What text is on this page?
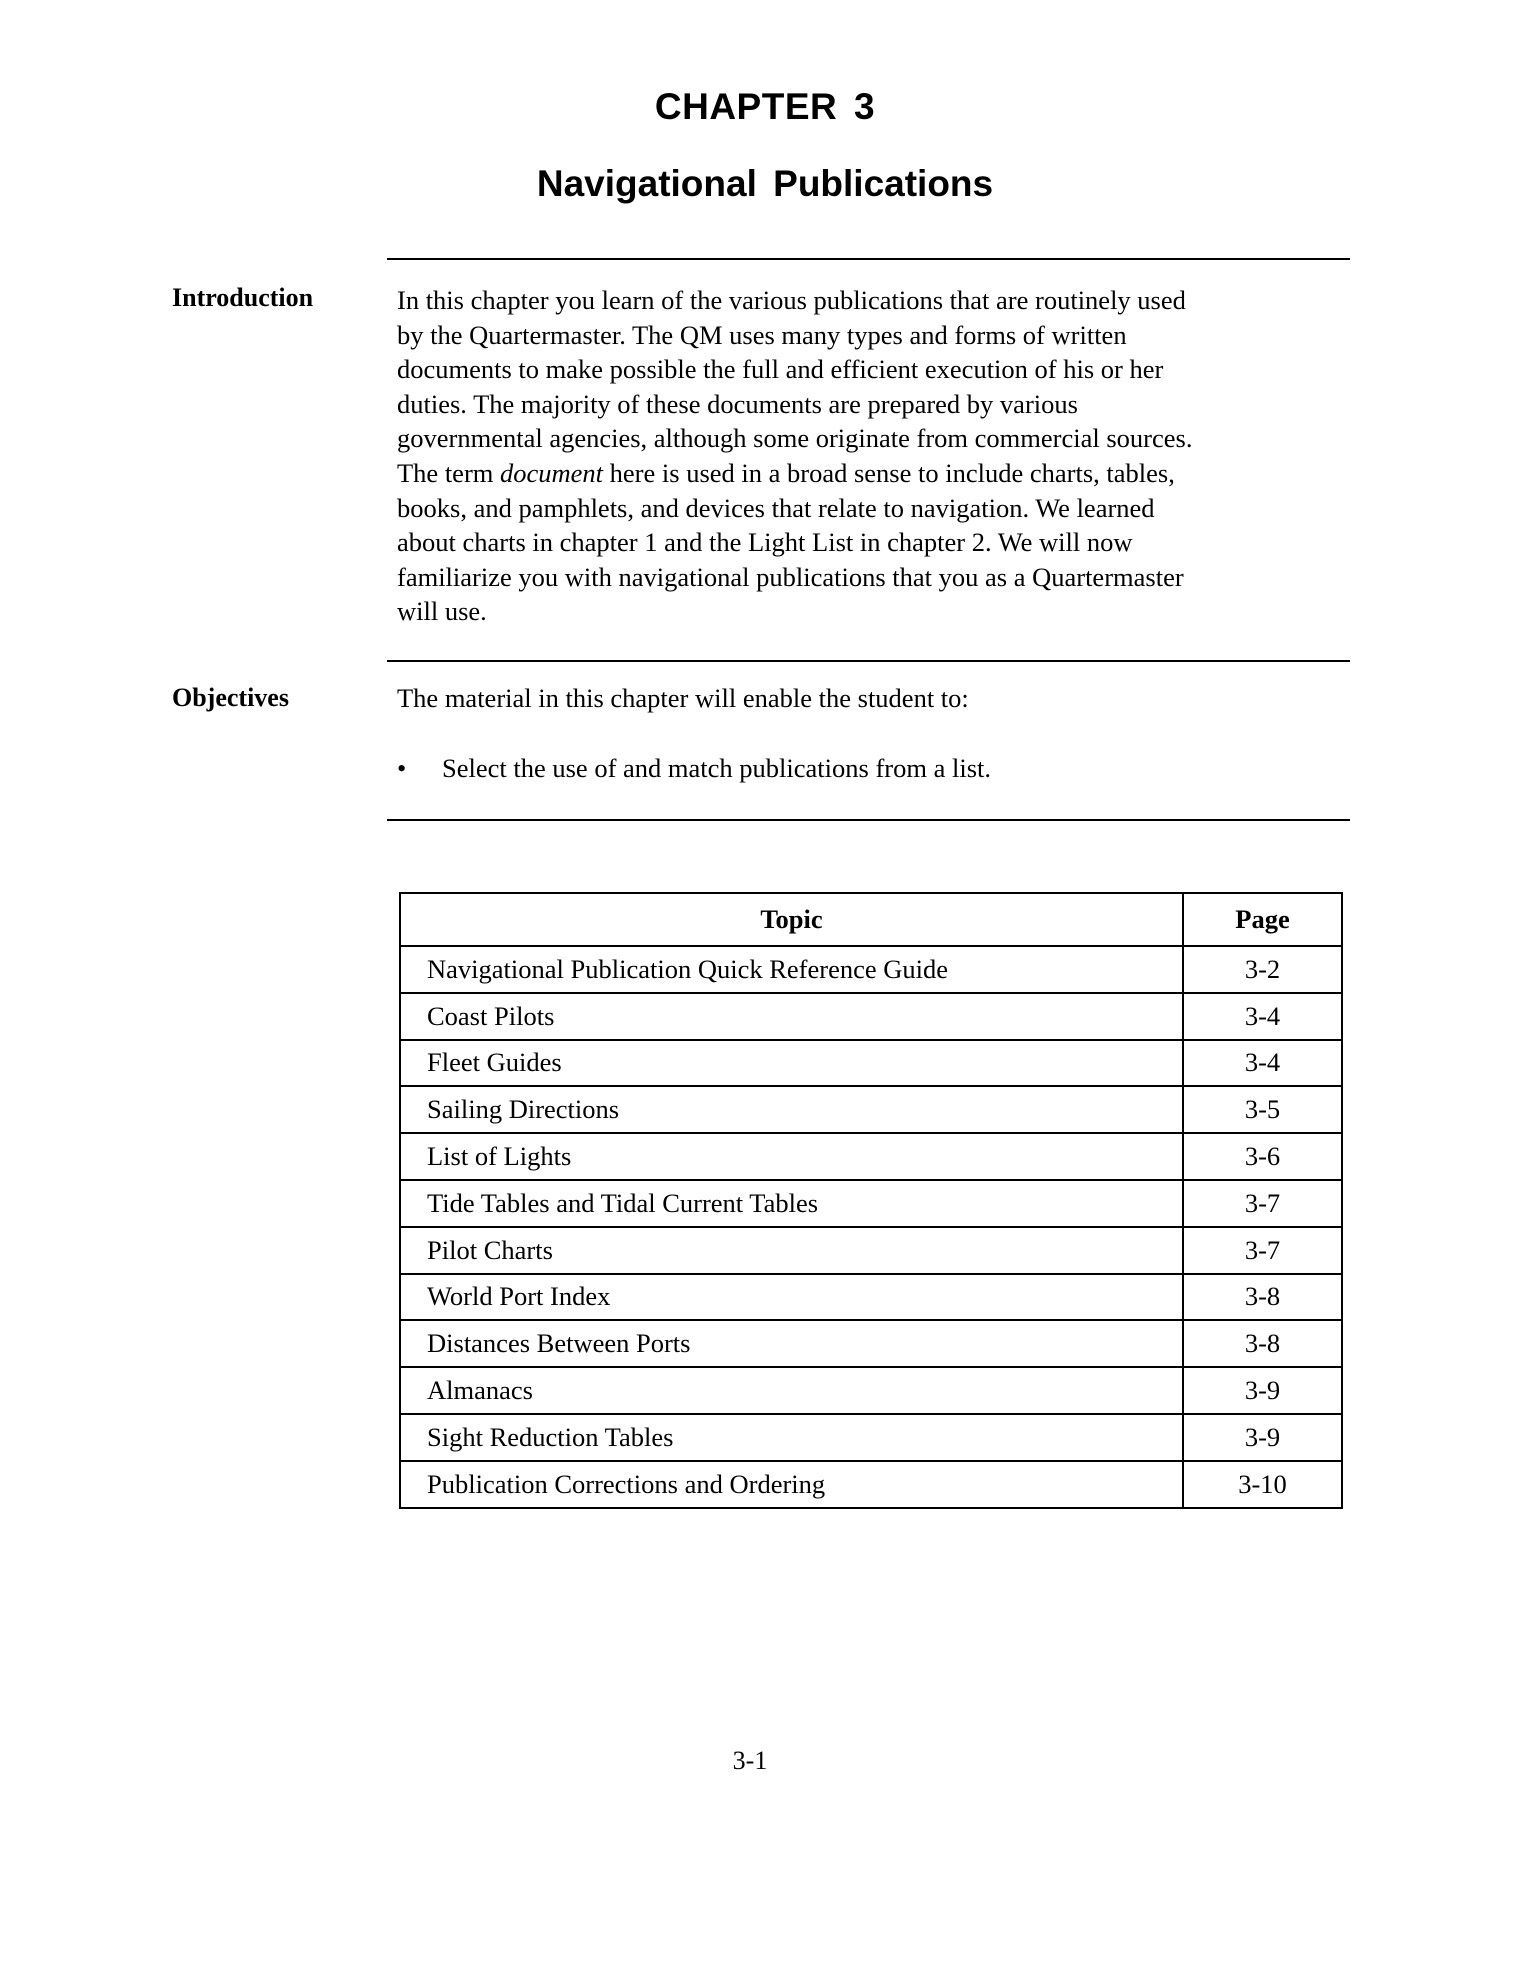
CHAPTER 3
Navigational Publications
Introduction	In this chapter you learn of the various publications that are routinely used
by the Quartermaster. The QM uses many types and forms of written
documents to make possible the full and efficient execution of his or her
duties. The majority of these documents are prepared by various
governmental agencies, although some originate from commercial sources.
The term document here is used in a broad sense to include charts, tables,
books, and pamphlets, and devices that relate to navigation. We learned
about charts in chapter 1 and the Light List in chapter 2. We will now
familiarize you with navigational publications that you as a Quartermaster
will use.
Objectives	The material in this chapter will enable the student to:
• Select the use of and match publications from a list.
Topic	Page
Navigational Publication Quick Reference Guide	3-2
Coast Pilots	3-4
Fleet Guides	3-4
Sailing Directions	3-5
List of Lights	3-6
Tide Tables and Tidal Current Tables	3-7
Pilot Charts	3-7
World Port Index	3-8
Distances Between Ports	3-8
Almanacs	3-9
Sight Reduction Tables	3-9
Publication Corrections and Ordering	3-10
3-1
